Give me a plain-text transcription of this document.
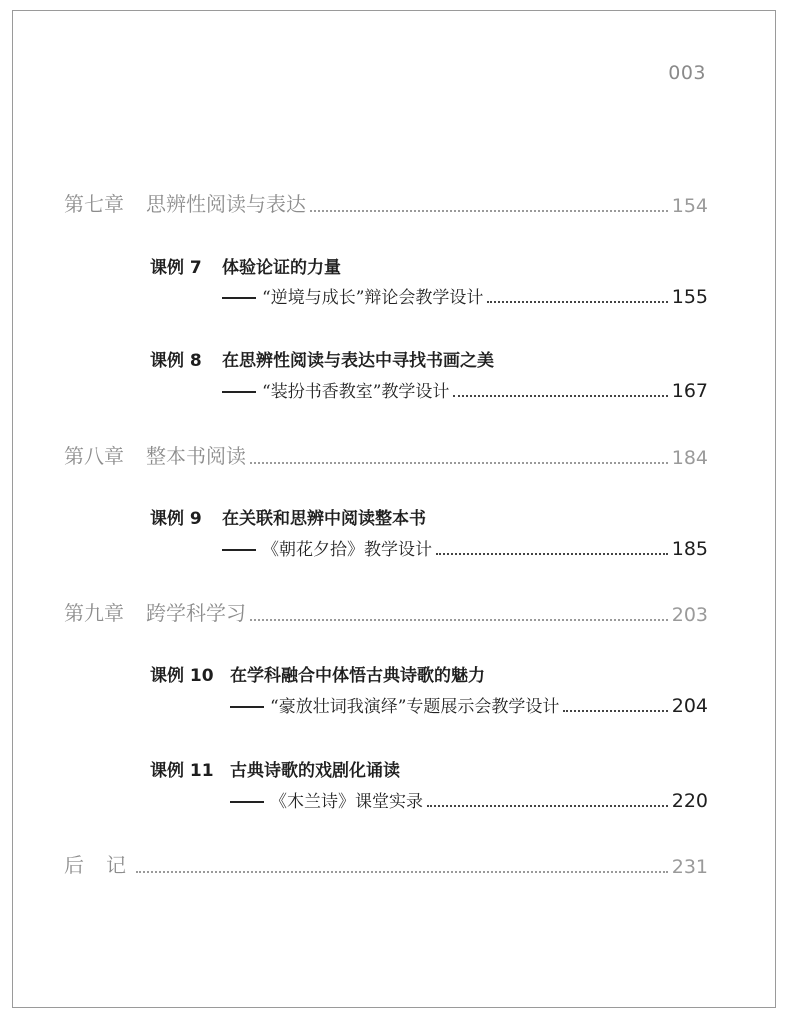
003
第七章	思辨性阅读与表达	154
课例 7	体验论证的力量
“逆境与成长”辩论会教学设计	155
课例 8	在思辨性阅读与表达中寻找书画之美
“装扮书香教室”教学设计	167
第八章	整本书阅读	184
课例 9	在关联和思辨中阅读整本书
《朝花夕拾》教学设计	185
第九章	跨学科学习	203
课例 10 在学科融合中体悟古典诗歌的魅力
“豪放壮词我演绎”专题展示会教学设计	204
课例 11 古典诗歌的戏剧化诵读
《木兰诗》课堂实录	220
后记	231
